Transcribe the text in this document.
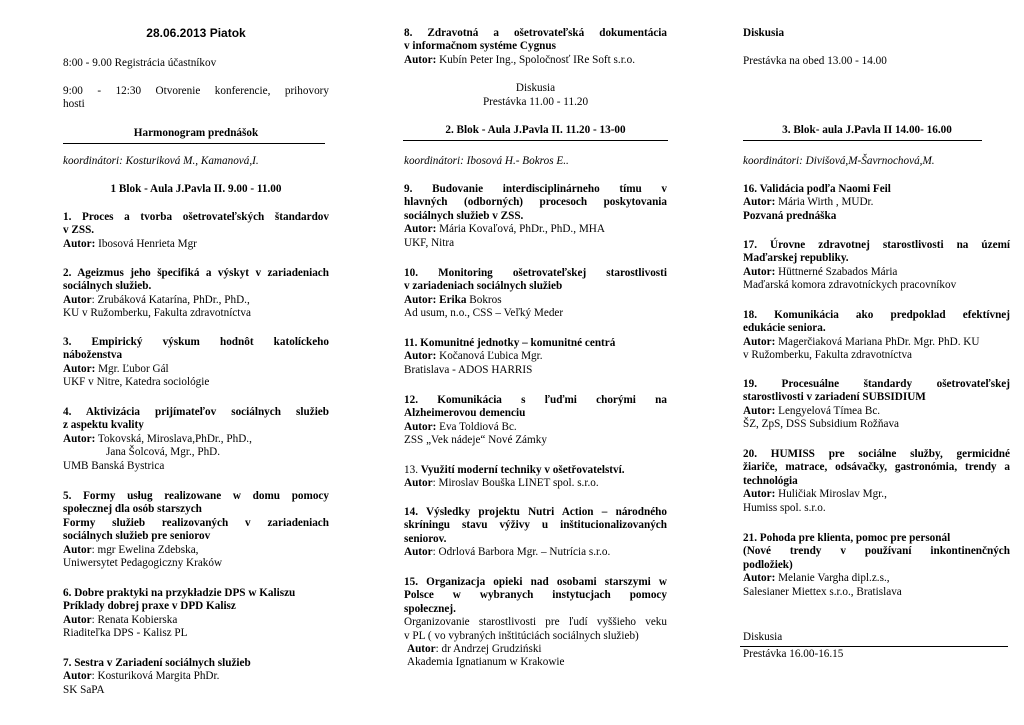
28.06.2013 Piatok
8:00 - 9.00 Registrácia účastníkov
9:00 - 12:30 Otvorenie konferencie, prihovory
hosti
Harmonogram prednášok
koordinátori: Kosturiková M., Kamanová,I.
1 Blok - Aula J.Pavla II. 9.00 - 11.00
1. Proces a tvorba ošetrovateľských štandardov
v ZSS.
Autor: Ibosová Henrieta Mgr
2. Ageizmus jeho špecifiká a výskyt v zariadeniach
sociálnych služieb.
Autor: Zrubáková Katarína, PhDr., PhD.,
KU v Ružomberku, Fakulta zdravotníctva
3. Empirický výskum hodnôt katolíckeho
náboženstva
Autor: Mgr. Ľubor Gál
UKF v Nitre, Katedra sociológie
4. Aktivizácia prijímateľov sociálnych služieb
z aspektu kvality
Autor: Tokovská, Miroslava,PhDr., PhD.,
Jana Šolcová, Mgr., PhD.
UMB Banská Bystrica
5. Formy usług realizowane w domu pomocy
społecznej dla osób starszych
Formy služieb realizovaných v zariadeniach
sociálnych služieb pre seniorov
Autor: mgr Ewelina Zdebska,
Uniwersytet Pedagogiczny Kraków
6. Dobre praktyki na przykładzie DPS w Kaliszu
Príklady dobrej praxe v DPD Kalisz
Autor: Renata Kobierska
Riaditeľka DPS - Kalisz PL
7. Sestra v Zariadení sociálnych služieb
Autor: Kosturiková Margita PhDr.
SK SaPA
8. Zdravotná a ošetrovateľská dokumentácia
v informačnom systéme Cygnus
Autor: Kubín Peter Ing., Spoločnosť IRe Soft s.r.o.
Diskusia
Prestávka 11.00 - 11.20
2. Blok - Aula J.Pavla II. 11.20 - 13-00
koordinátori: Ibosová H.- Bokros E..
9. Budovanie interdisciplinárneho tímu v
hlavných (odborných) procesoch poskytovania
sociálnych služieb v ZSS.
Autor: Mária Kovaľová, PhDr., PhD., MHA
UKF, Nitra
10. Monitoring ošetrovateľskej starostlivosti
v zariadeniach sociálnych služieb
Autor: Erika Bokros
Ad usum, n.o., CSS – Veľký Meder
11. Komunitné jednotky – komunitné centrá
Autor: Kočanová Ľubica Mgr.
Bratislava - ADOS HARRIS
12. Komunikácia s ľuďmi chorými na
Alzheimerovou demenciu
Autor: Eva Toldiová Bc.
ZSS „Vek nádeje“ Nové Zámky
13. Využití moderní techniky v ošetřovatelství.
Autor: Miroslav Bouška LINET spol. s.r.o.
14. Výsledky projektu Nutri Action – národného
skríningu stavu výživy u inštitucionalizovaných
seniorov.
Autor: Odrlová Barbora Mgr. – Nutrícia s.r.o.
15. Organizacja opieki nad osobami starszymi w
Polsce w wybranych instytucjach pomocy
społecznej.
Organizovanie starostlivosti pre ľudí vyššieho veku
v PL ( vo vybraných inštitúciách sociálnych služieb)
Autor: dr Andrzej Grudziński
Akademia Ignatianum w Krakowie
Diskusia
Prestávka na obed 13.00 - 14.00
3. Blok- aula J.Pavla II 14.00- 16.00
koordinátori: Divišová,M-Šavrnochová,M.
16. Validácia podľa Naomi Feil
Autor: Mária Wirth , MUDr.
Pozvaná prednáška
17. Úrovne zdravotnej starostlivosti na území
Maďarskej republiky.
Autor: Hüttnerné Szabados Mária
Maďarská komora zdravotníckych pracovníkov
18. Komunikácia ako predpoklad efektívnej
edukácie seniora.
Autor: Magerčiaková Mariana PhDr. Mgr. PhD. KU
v Ružomberku, Fakulta zdravotníctva
19. Procesuálne štandardy ošetrovateľskej
starostlivosti v zariadení SUBSIDIUM
Autor: Lengyelová Tímea Bc.
ŠZ, ZpS, DSS Subsidium Rožňava
20. HUMISS pre sociálne služby, germicidné
žiariče, matrace, odsávačky, gastronómia, trendy a
technológia
Autor: Huličiak Miroslav Mgr.,
Humiss spol. s.r.o.
21. Pohoda pre klienta, pomoc pre personál
(Nové trendy v používaní inkontinenčných
podložiek)
Autor: Melanie Vargha dipl.z.s.,
Salesianer Miettex s.r.o., Bratislava
Diskusia
Prestávka 16.00-16.15
